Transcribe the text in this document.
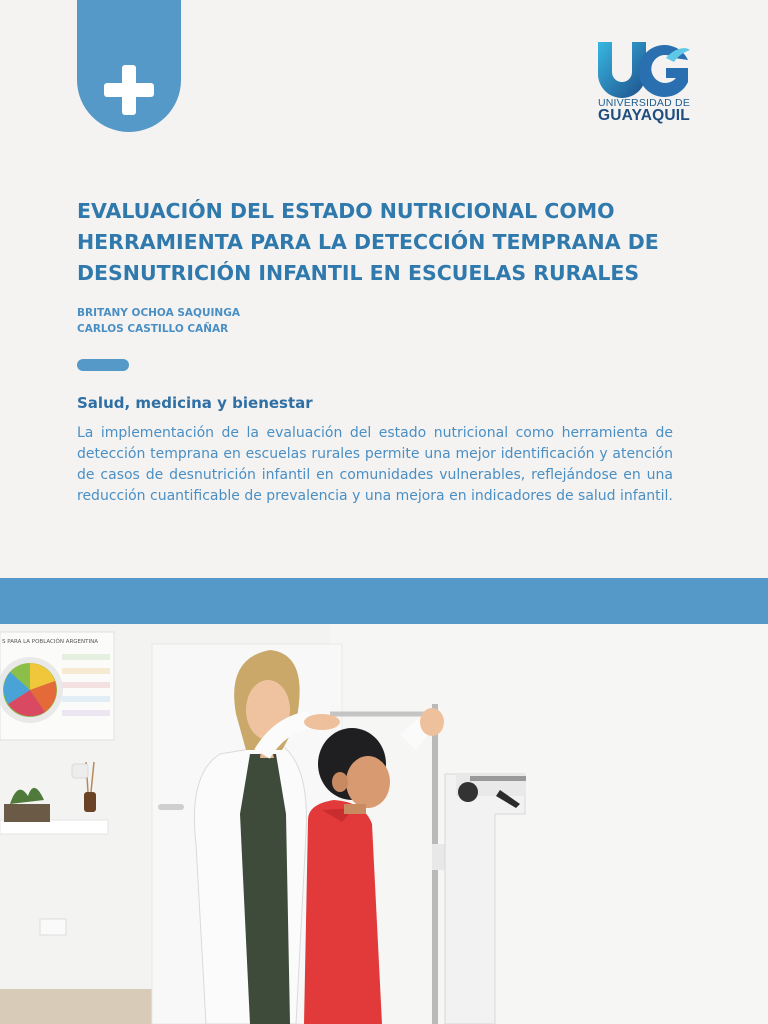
UNIVERSIDAD DE
GUAYAQUIL
EVALUACIÓN DEL ESTADO NUTRICIONAL COMO HERRAMIENTA PARA LA DETECCIÓN TEMPRANA DE DESNUTRICIÓN INFANTIL EN ESCUELAS RURALES
BRITANY OCHOA SAQUINGA
CARLOS CASTILLO CAÑAR
Salud, medicina y bienestar

La implementación de la evaluación del estado nutricional como herramienta de detección temprana en escuelas rurales permite una mejor identificación y atención de casos de desnutrición infantil en comunidades vulnerables, reflejándose en una reducción cuantificable de prevalencia y una mejora en indicadores de salud infantil.

S PARA LA POBLACIÓN ARGENTINA
